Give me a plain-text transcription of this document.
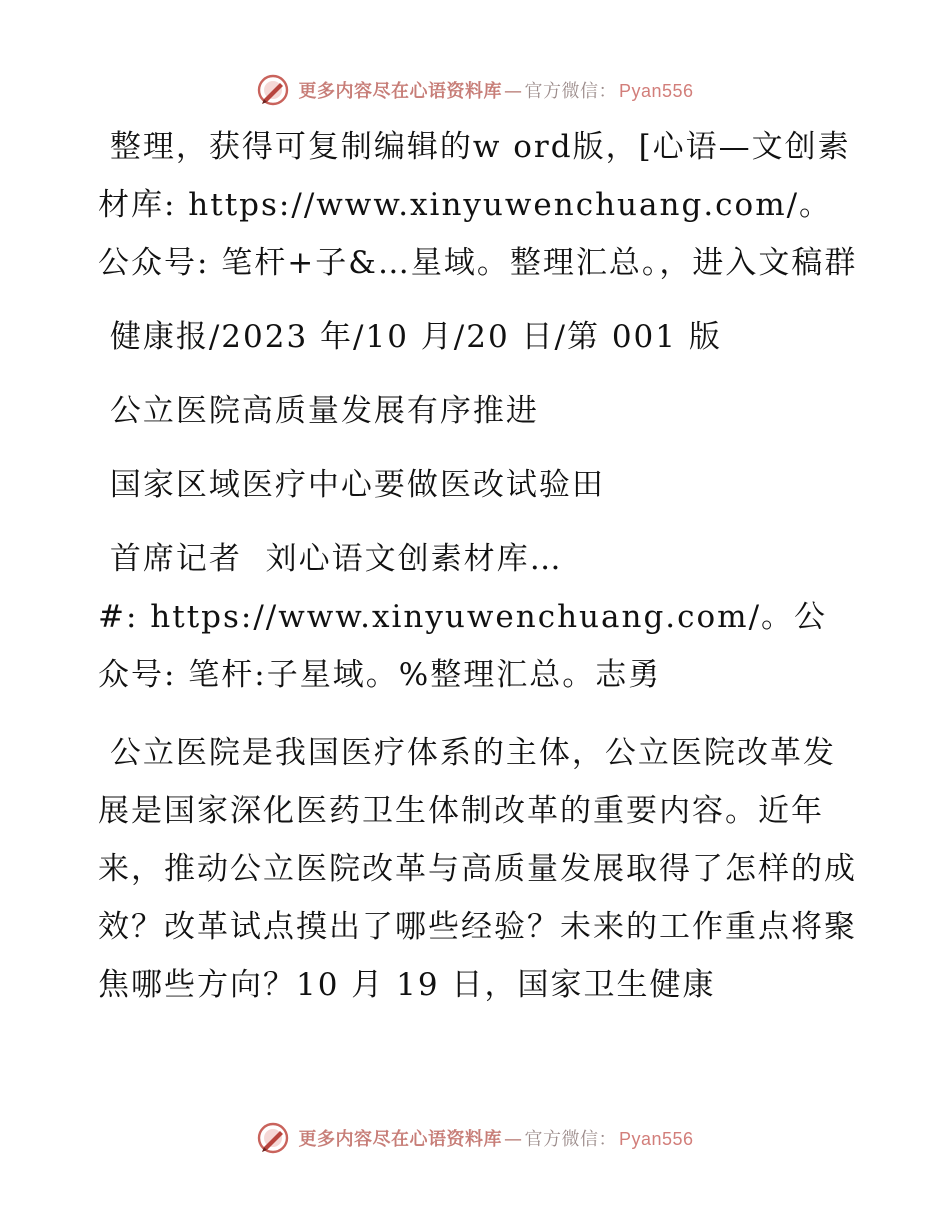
更多内容尽在心语资料库 — 官方微信： Pyan556

整理，获得可复制编辑的w ord版，[心语—文创素材库: https://www.xinyuwenchuang.com/。公众号: 笔杆+子&…星域。整理汇总。，进入文稿群

健康报/2023 年/10 月/20 日/第 001 版

公立医院高质量发展有序推进

国家区域医疗中心要做医改试验田

首席记者  刘心语文创素材库…
#: https://www.xinyuwenchuang.com/。公众号: 笔杆:子星域。%整理汇总。志勇

公立医院是我国医疗体系的主体，公立医院改革发展是国家深化医药卫生体制改革的重要内容。近年来，推动公立医院改革与高质量发展取得了怎样的成效？改革试点摸出了哪些经验？未来的工作重点将聚焦哪些方向？10 月 19 日，国家卫生健康

更多内容尽在心语资料库 — 官方微信： Pyan556
